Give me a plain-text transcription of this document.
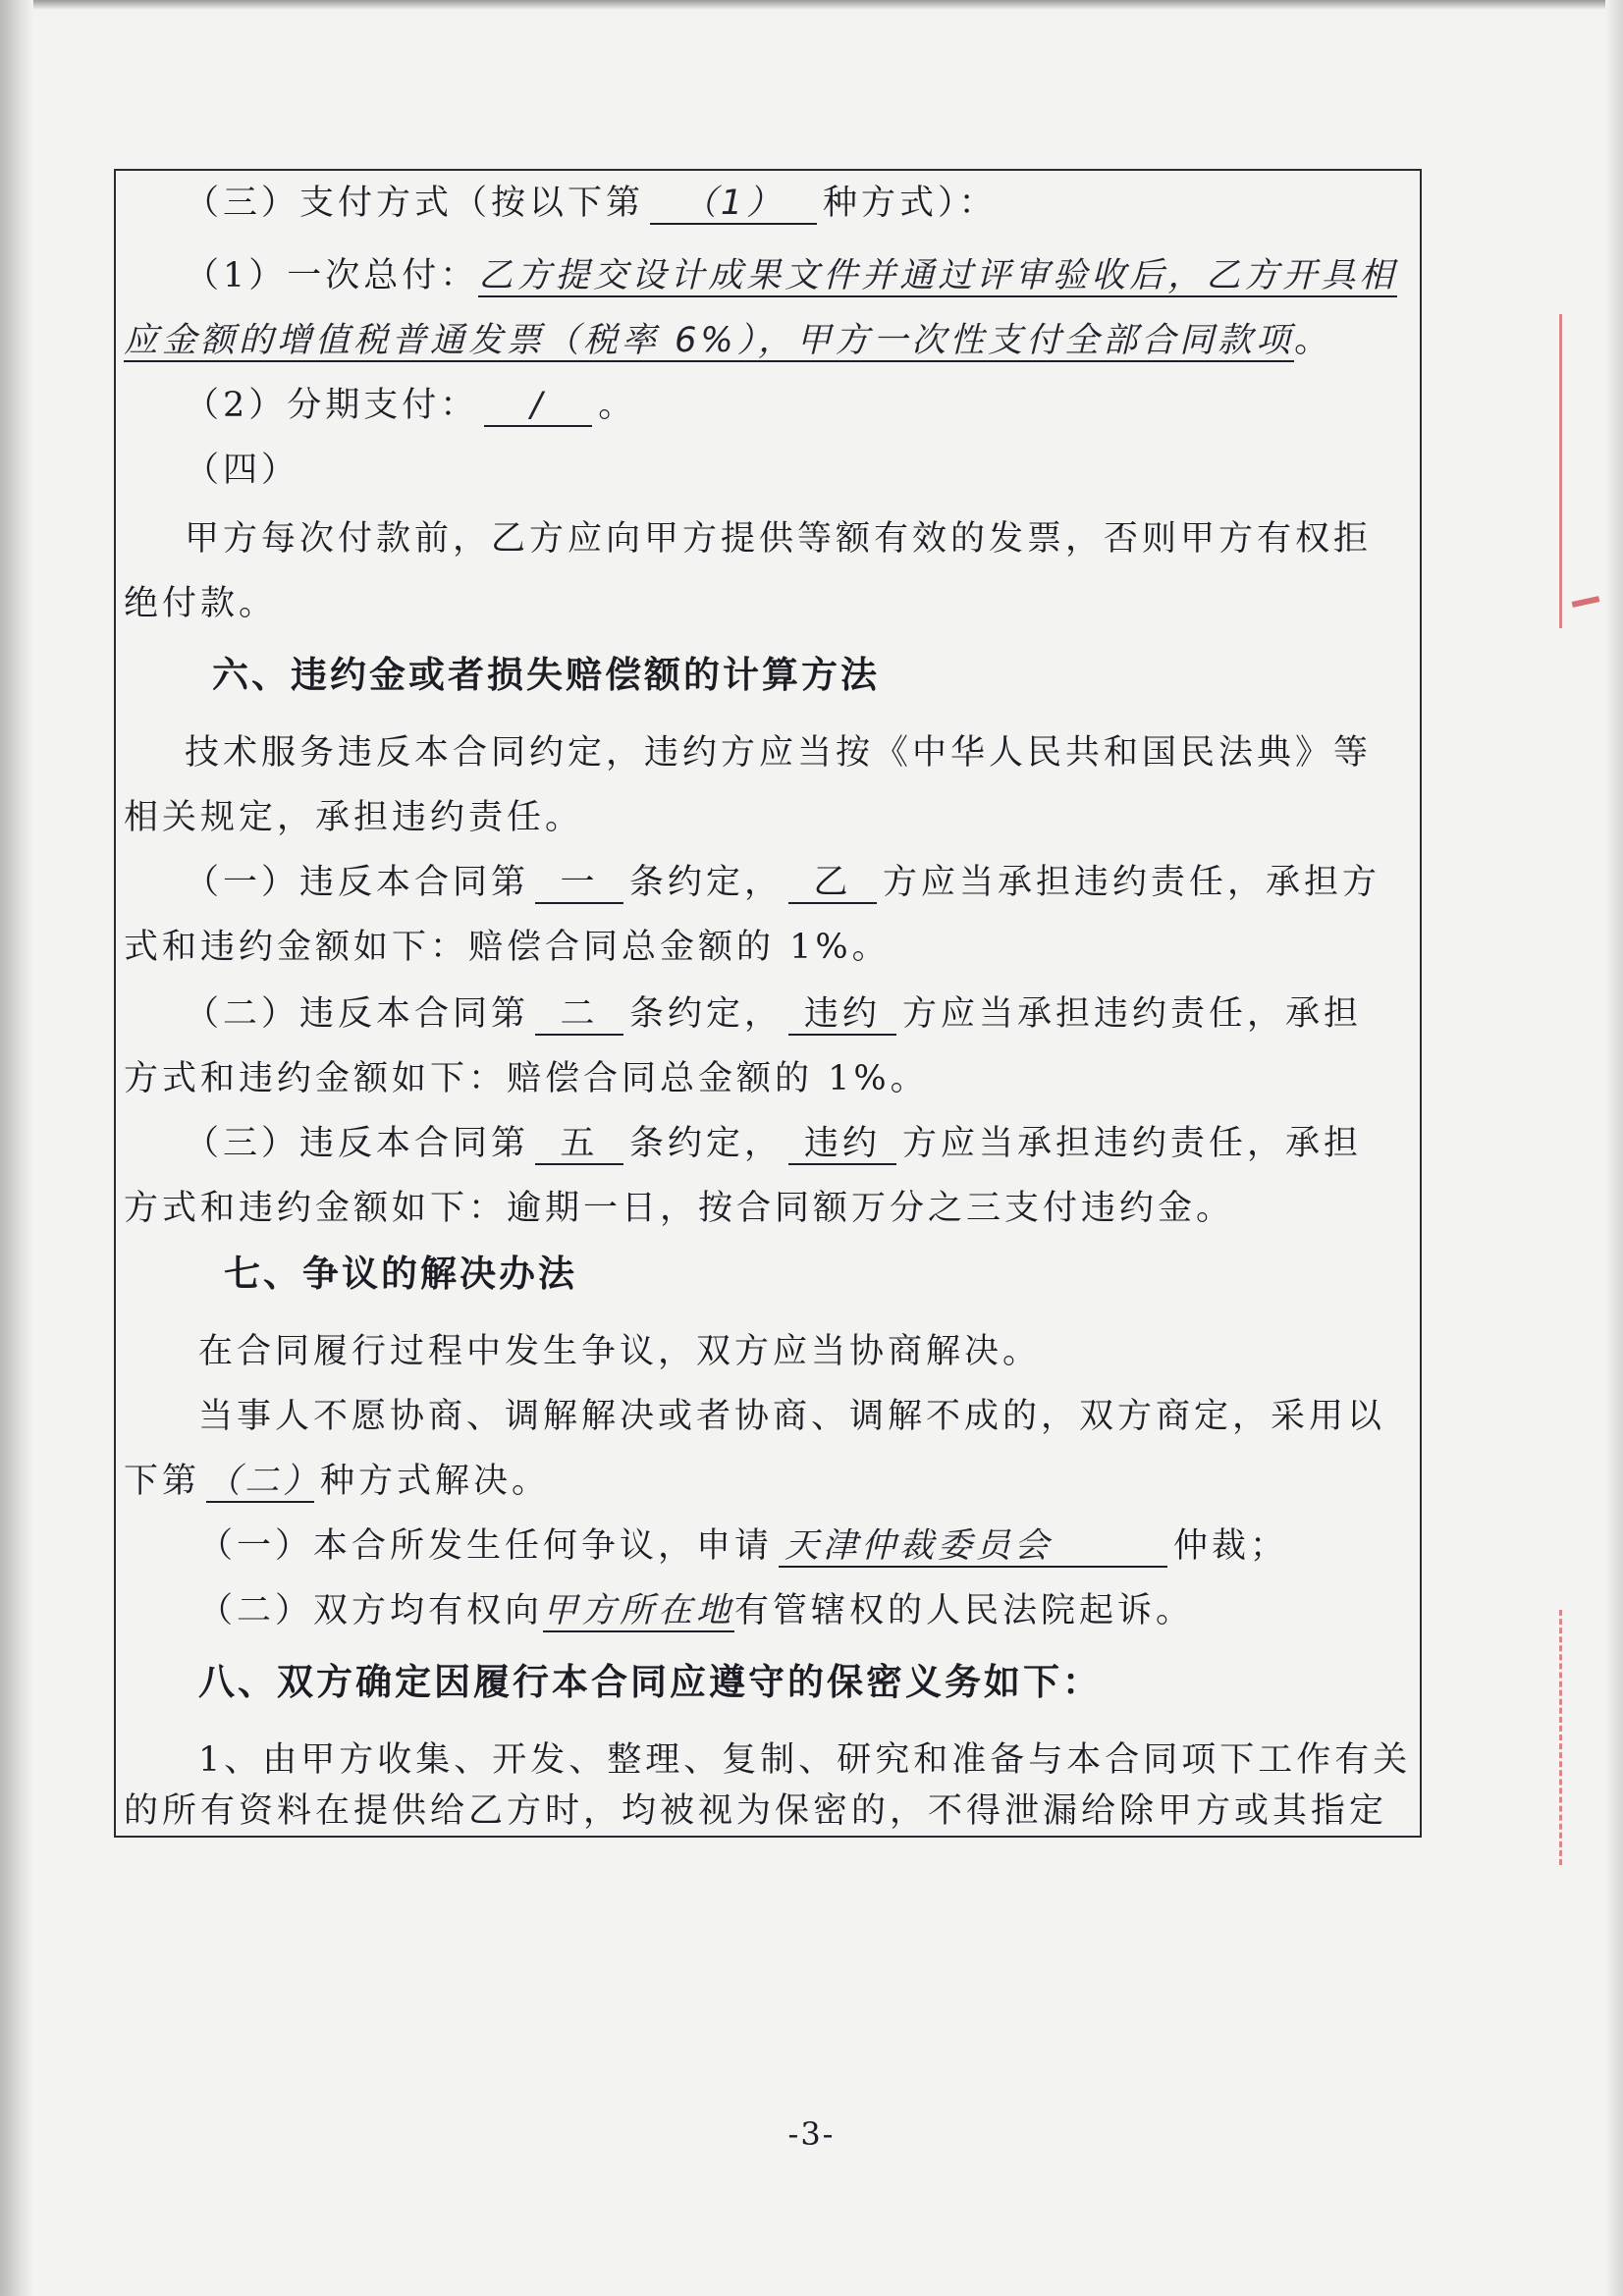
（三）支付方式（按以下第 （1） 种方式）：
（1）一次总付：乙方提交设计成果文件并通过评审验收后，乙方开具相
应金额的增值税普通发票（税率 6%），甲方一次性支付全部合同款项。
（2）分期支付： / 。
（四）
甲方每次付款前，乙方应向甲方提供等额有效的发票，否则甲方有权拒
绝付款。
六、违约金或者损失赔偿额的计算方法
技术服务违反本合同约定，违约方应当按《中华人民共和国民法典》等
相关规定，承担违约责任。
（一）违反本合同第 一 条约定， 乙 方应当承担违约责任，承担方
式和违约金额如下：赔偿合同总金额的 1%。
（二）违反本合同第 二 条约定， 违约 方应当承担违约责任，承担
方式和违约金额如下：赔偿合同总金额的 1%。
（三）违反本合同第 五 条约定， 违约 方应当承担违约责任，承担
方式和违约金额如下：逾期一日，按合同额万分之三支付违约金。
七、争议的解决办法
在合同履行过程中发生争议，双方应当协商解决。
当事人不愿协商、调解解决或者协商、调解不成的，双方商定，采用以
下第 （二）种方式解决。
（一）本合所发生任何争议，申请 天津仲裁委员会	仲裁；
（二）双方均有权向甲方所在地有管辖权的人民法院起诉。
八、双方确定因履行本合同应遵守的保密义务如下：
1、由甲方收集、开发、整理、复制、研究和准备与本合同项下工作有关
的所有资料在提供给乙方时，均被视为保密的，不得泄漏给除甲方或其指定
-3-
